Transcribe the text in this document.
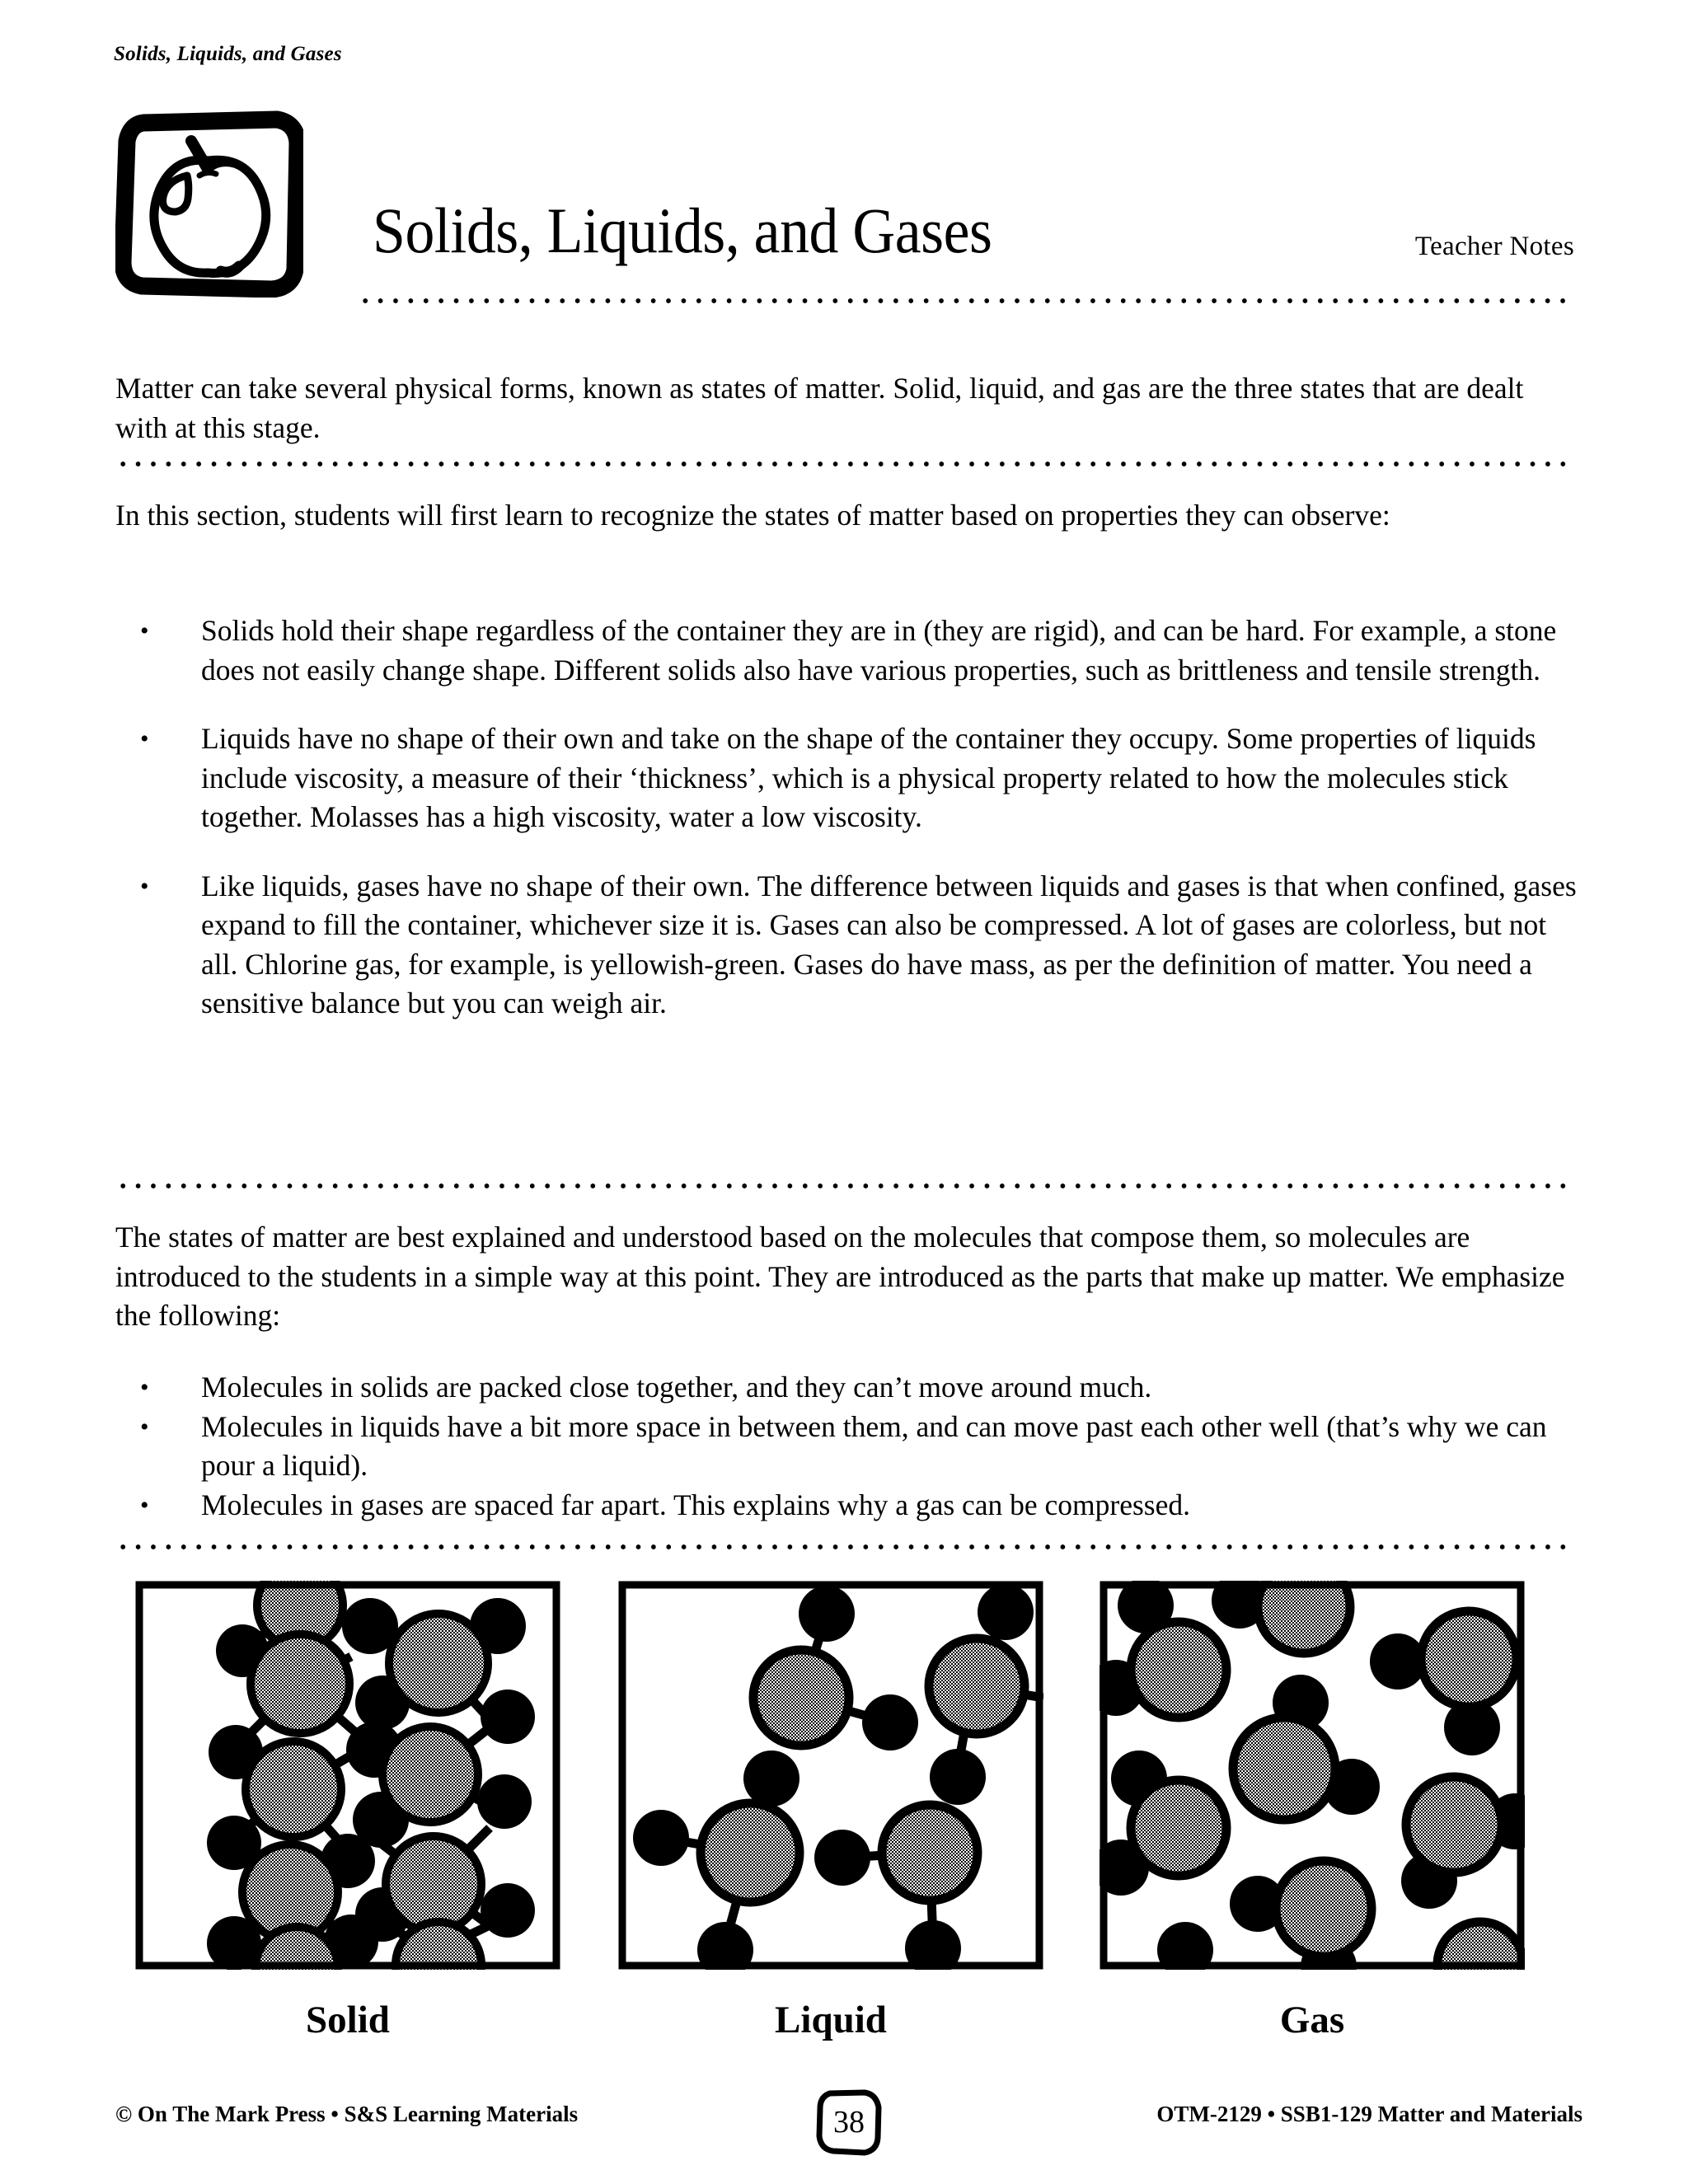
Solids, Liquids, and Gases
Solids, Liquids, and Gases	Teacher Notes
Matter can take several physical forms, known as states of matter. Solid, liquid, and gas are the three states that are dealt with at this stage.
In this section, students will first learn to recognize the states of matter based on properties they can observe:
• Solids hold their shape regardless of the container they are in (they are rigid), and can be hard. For example, a stone does not easily change shape. Different solids also have various properties, such as brittleness and tensile strength.
• Liquids have no shape of their own and take on the shape of the container they occupy. Some properties of liquids include viscosity, a measure of their ‘thickness’, which is a physical property related to how the molecules stick together. Molasses has a high viscosity, water a low viscosity.
• Like liquids, gases have no shape of their own. The difference between liquids and gases is that when confined, gases expand to fill the container, whichever size it is. Gases can also be compressed. A lot of gases are colorless, but not all. Chlorine gas, for example, is yellowish-green. Gases do have mass, as per the definition of matter. You need a sensitive balance but you can weigh air.
The states of matter are best explained and understood based on the molecules that compose them, so molecules are introduced to the students in a simple way at this point. They are introduced as the parts that make up matter. We emphasize the following:
• Molecules in solids are packed close together, and they can’t move around much.
• Molecules in liquids have a bit more space in between them, and can move past each other well (that’s why we can pour a liquid).
• Molecules in gases are spaced far apart. This explains why a gas can be compressed.
Solid	Liquid	Gas
© On The Mark Press • S&S Learning Materials	38	OTM-2129 • SSB1-129 Matter and Materials
